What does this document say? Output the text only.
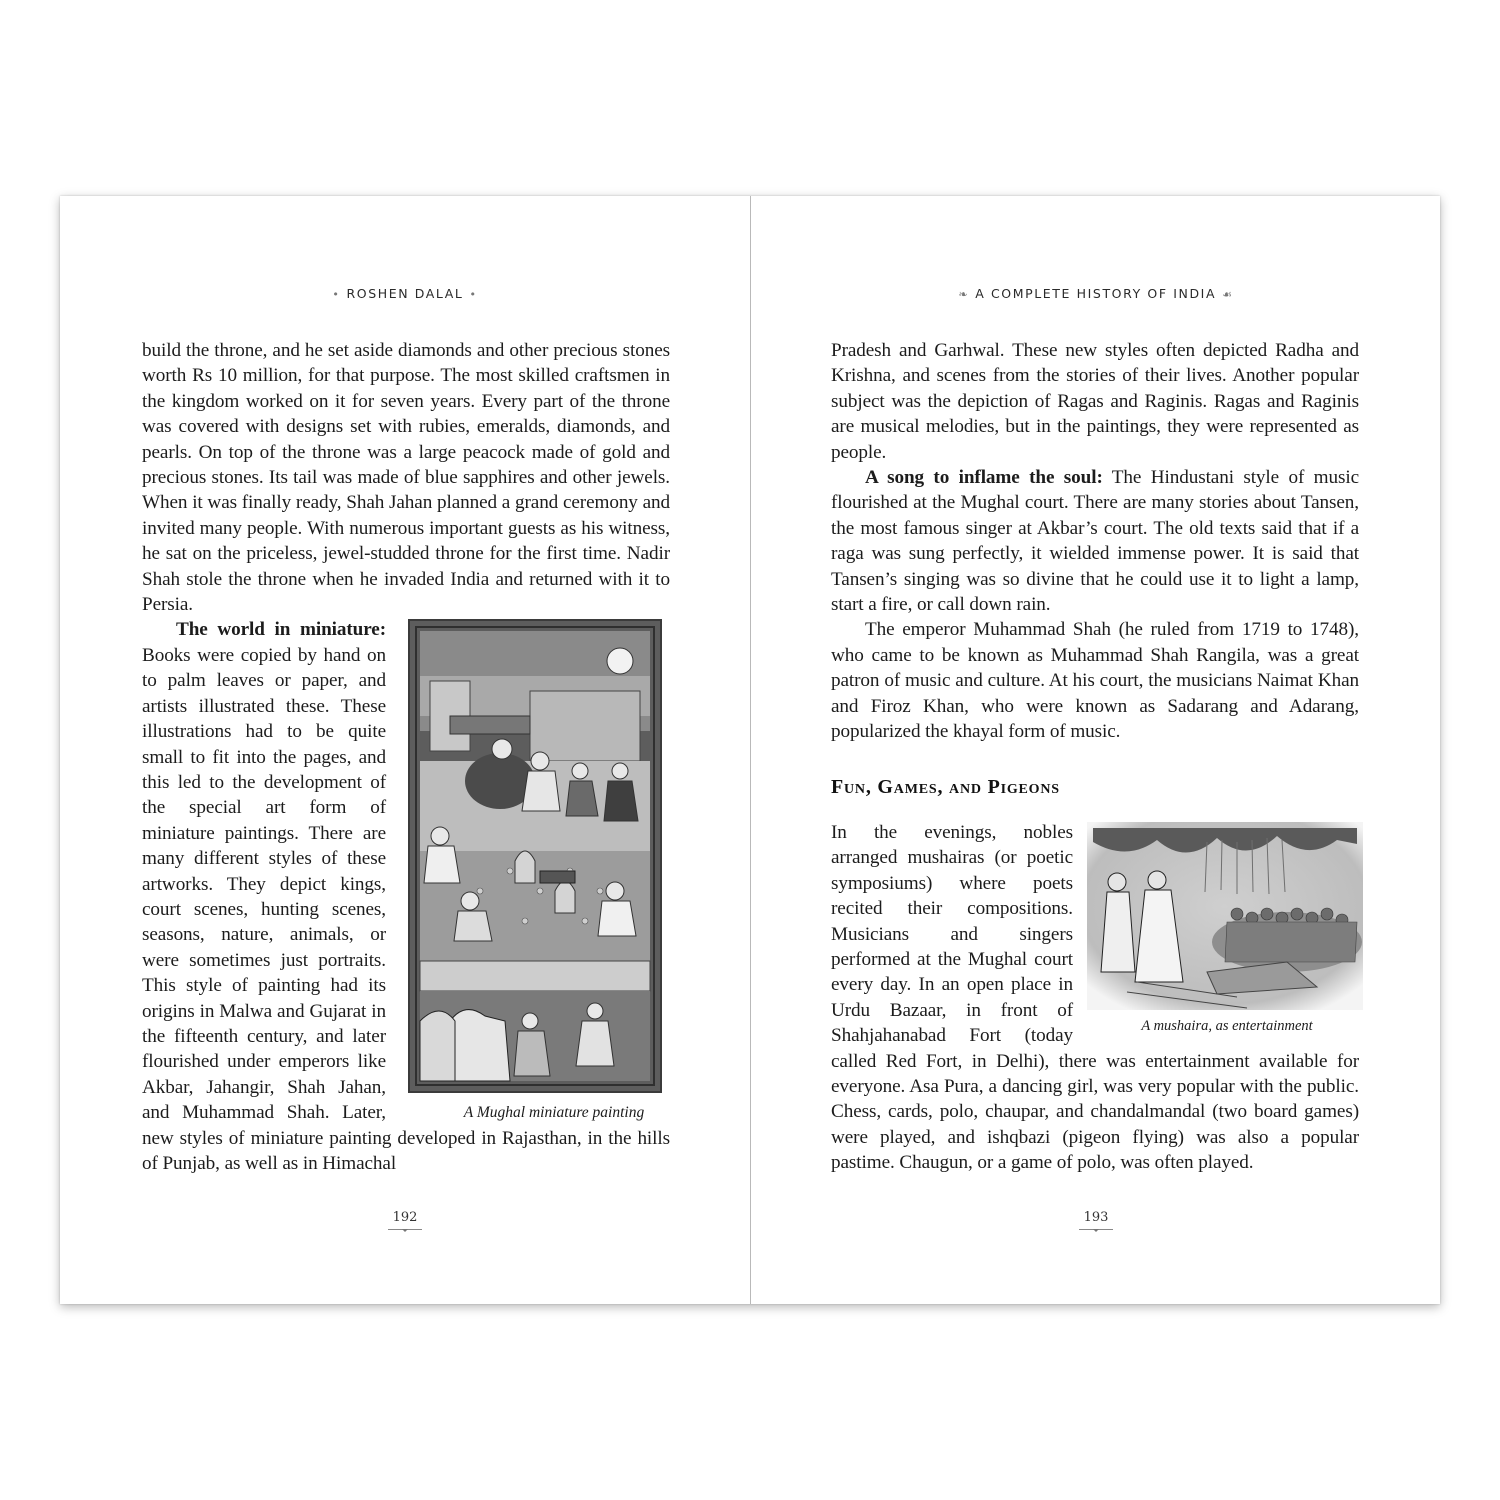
• ROSHEN DALAL •

build the throne, and he set aside diamonds and other precious stones worth Rs 10 million, for that purpose. The most skilled craftsmen in the kingdom worked on it for seven years. Every part of the throne was covered with designs set with rubies, emeralds, diamonds, and pearls. On top of the throne was a large peacock made of gold and precious stones. Its tail was made of blue sapphires and other jewels. When it was finally ready, Shah Jahan planned a grand ceremony and invited many people. With numerous important guests as his witness, he sat on the priceless, jewel-studded throne for the first time. Nadir Shah stole the throne when he invaded India and returned with it to Persia.

The world in miniature:
A Mughal miniature painting
Books were copied by hand on to palm leaves or paper, and artists illustrated these. These illustrations had to be quite small to fit into the pages, and this led to the development of the special art form of miniature paintings. There are many different styles of these artworks. They depict kings, court scenes, hunting scenes, seasons, nature, animals, or were sometimes just portraits. This style of painting had its origins in Malwa and Gujarat in the fifteenth century, and later flourished under emperors like Akbar, Jahangir, Shah Jahan, and Muhammad Shah. Later, new styles of miniature painting developed in Rajasthan, in the hills of Punjab, as well as in Himachal

192
❧ A COMPLETE HISTORY OF INDIA ☙

Pradesh and Garhwal. These new styles often depicted Radha and Krishna, and scenes from the stories of their lives. Another popular subject was the depiction of Ragas and Raginis. Ragas and Raginis are musical melodies, but in the paintings, they were represented as people.

A song to inflame the soul: The Hindustani style of music flourished at the Mughal court. There are many stories about Tansen, the most famous singer at Akbar’s court. The old texts said that if a raga was sung perfectly, it wielded immense power. It is said that Tansen’s singing was so divine that he could use it to light a lamp, start a fire, or call down rain.

The emperor Muhammad Shah (he ruled from 1719 to 1748), who came to be known as Muhammad Shah Rangila, was a great patron of music and culture. At his court, the musicians Naimat Khan and Firoz Khan, who were known as Sadarang and Adarang, popularized the khayal form of music.

Fun, Games, and Pigeons

A mushaira, as entertainment
In the evenings, nobles arranged mushairas (or poetic symposiums) where poets recited their compositions. Musicians and singers performed at the Mughal court every day. In an open place in Urdu Bazaar, in front of Shahjahanabad Fort (today called Red Fort, in Delhi), there was entertainment available for everyone. Asa Pura, a dancing girl, was very popular with the public. Chess, cards, polo, chaupar, and chandalmandal (two board games) were played, and ishqbazi (pigeon flying) was also a popular pastime. Chaugun, or a game of polo, was often played.

193
